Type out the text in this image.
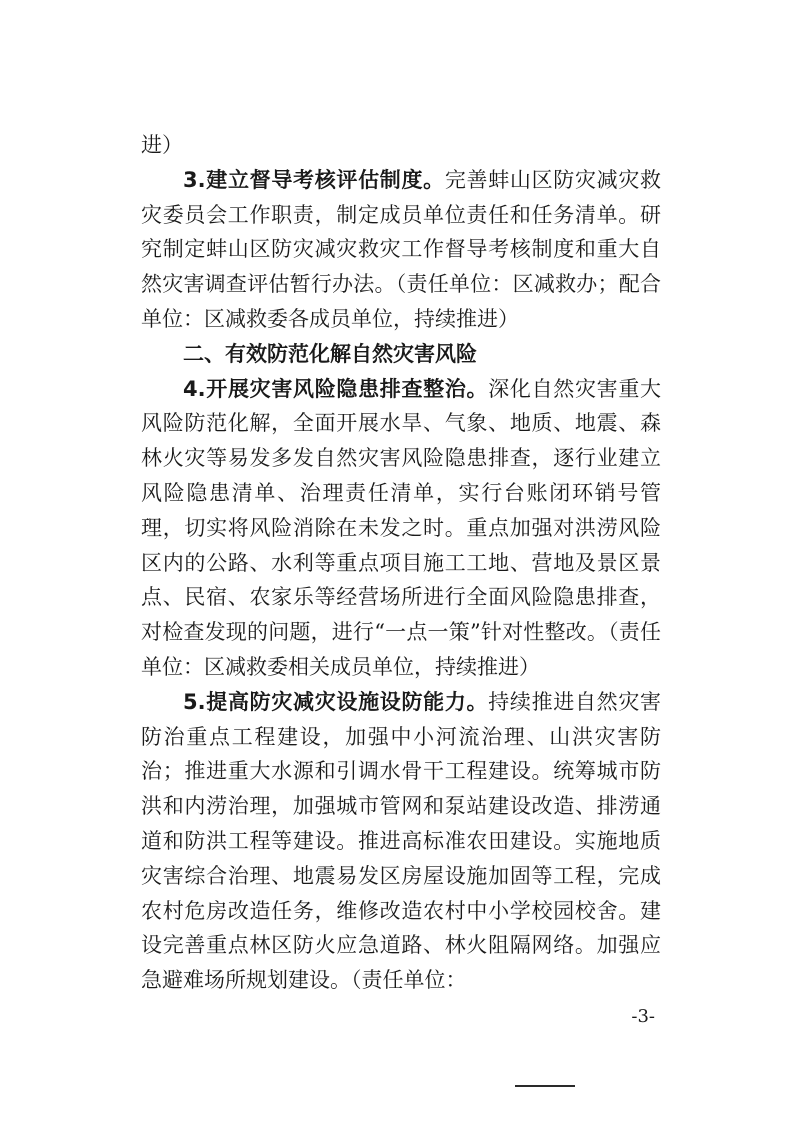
进）

3.建立督导考核评估制度。完善蚌山区防灾减灾救灾委员会工作职责，制定成员单位责任和任务清单。研究制定蚌山区防灾减灾救灾工作督导考核制度和重大自然灾害调查评估暂行办法。（责任单位：区减救办；配合单位：区减救委各成员单位，持续推进）

二、有效防范化解自然灾害风险

4.开展灾害风险隐患排查整治。深化自然灾害重大风险防范化解，全面开展水旱、气象、地质、地震、森林火灾等易发多发自然灾害风险隐患排查，逐行业建立风险隐患清单、治理责任清单，实行台账闭环销号管理，切实将风险消除在未发之时。重点加强对洪涝风险区内的公路、水利等重点项目施工工地、营地及景区景点、民宿、农家乐等经营场所进行全面风险隐患排查，对检查发现的问题，进行“一点一策”针对性整改。（责任单位：区减救委相关成员单位，持续推进）

5.提高防灾减灾设施设防能力。持续推进自然灾害防治重点工程建设，加强中小河流治理、山洪灾害防治；推进重大水源和引调水骨干工程建设。统筹城市防洪和内涝治理，加强城市管网和泵站建设改造、排涝通道和防洪工程等建设。推进高标准农田建设。实施地质灾害综合治理、地震易发区房屋设施加固等工程，完成农村危房改造任务，维修改造农村中小学校园校舍。建设完善重点林区防火应急道路、林火阻隔网络。加强应急避难场所规划建设。（责任单位：

-3-
